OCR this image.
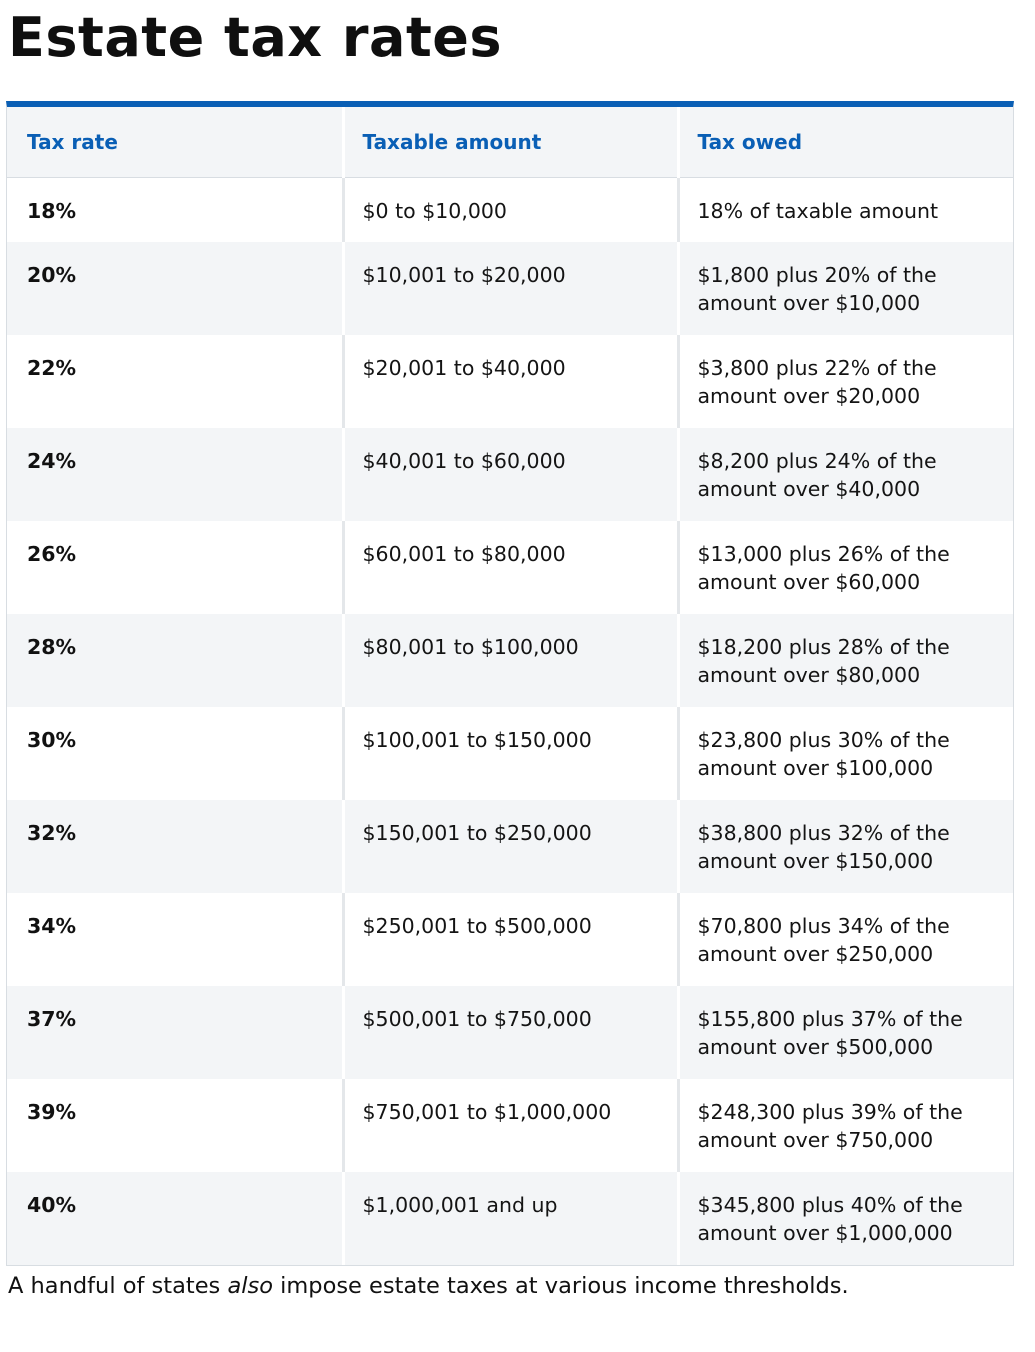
Estate tax rates
Tax rate	Taxable amount	Tax owed
18%	$0 to $10,000	18% of taxable amount
20%	$10,001 to $20,000	$1,800 plus 20% of the amount over $10,000
22%	$20,001 to $40,000	$3,800 plus 22% of the amount over $20,000
24%	$40,001 to $60,000	$8,200 plus 24% of the amount over $40,000
26%	$60,001 to $80,000	$13,000 plus 26% of the amount over $60,000
28%	$80,001 to $100,000	$18,200 plus 28% of the amount over $80,000
30%	$100,001 to $150,000	$23,800 plus 30% of the amount over $100,000
32%	$150,001 to $250,000	$38,800 plus 32% of the amount over $150,000
34%	$250,001 to $500,000	$70,800 plus 34% of the amount over $250,000
37%	$500,001 to $750,000	$155,800 plus 37% of the amount over $500,000
39%	$750,001 to $1,000,000	$248,300 plus 39% of the amount over $750,000
40%	$1,000,001 and up	$345,800 plus 40% of the amount over $1,000,000

A handful of states also impose estate taxes at various income thresholds.
